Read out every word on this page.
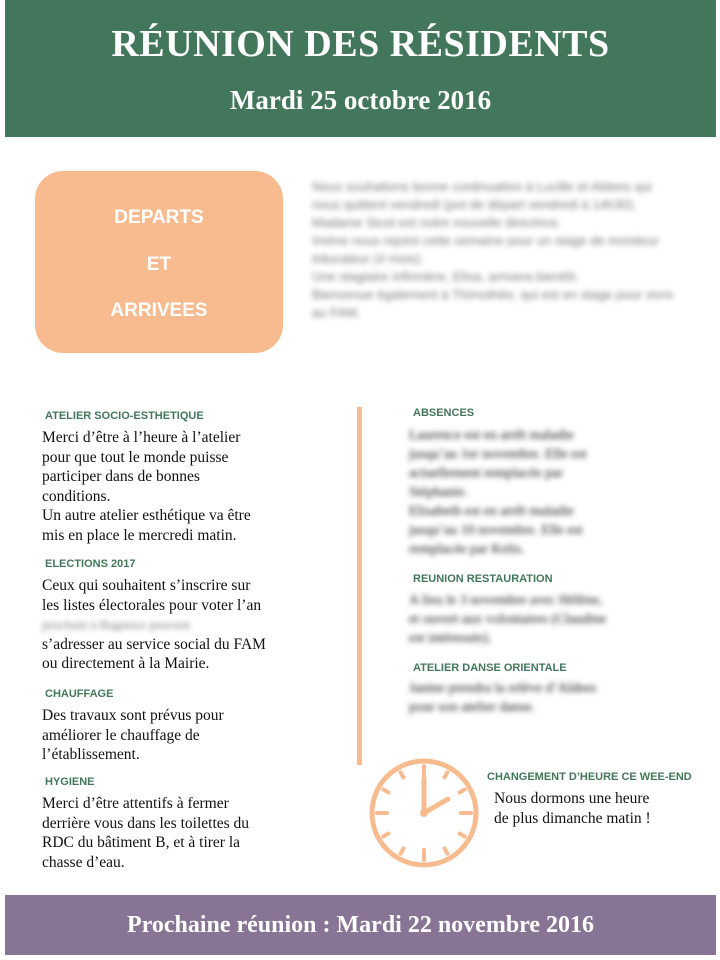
RÉUNION DES RÉSIDENTS
Mardi 25 octobre 2016
DEPARTS
ET
ARRIVEES

Nous souhaitons bonne continuation à Lucille et Aldees qui nous quittent vendredi (pot de départ vendredi à 14h30).

Madame Sicot est notre nouvelle directrice.

Imène nous rejoint cette semaine pour un stage de moniteur éducateur (4 mois).

Une stagiaire infirmière, Elisa, arrivera bientôt.

Bienvenue également à Thimothée, qui est en stage pour vivre au FAM.

ATELIER SOCIO-ESTHETIQUE

Merci d’être à l’heure à l’atelier

pour que tout le monde puisse

participer dans de bonnes

conditions.

Un autre atelier esthétique va être

mis en place le mercredi matin.

ELECTIONS 2017

Ceux qui souhaitent s’inscrire sur

les listes électorales pour voter l’an

prochain à Bagneux peuvent

s’adresser au service social du FAM

ou directement à la Mairie.

CHAUFFAGE

Des travaux sont prévus pour

améliorer le chauffage de

l’établissement.

HYGIENE

Merci d’être attentifs à fermer

derrière vous dans les toilettes du

RDC du bâtiment B, et à tirer la

chasse d’eau.

ABSENCES

Laurence est en arrêt maladie

jusqu’au 1er novembre. Elle est

actuellement remplacée par

Stéphanie.

Elisabeth est en arrêt maladie

jusqu’au 10 novembre. Elle est

remplacée par Kelis.

REUNION RESTAURATION

A lieu le 3 novembre avec Hélène,

et ouvert aux volontaires (Claudine

est intéressée).

ATELIER DANSE ORIENTALE

Janine prendra la relève d’Aldees

pour son atelier danse.

CHANGEMENT D’HEURE CE WEE-END

Nous dormons une heure

de plus dimanche matin !

Prochaine réunion : Mardi 22 novembre 2016
